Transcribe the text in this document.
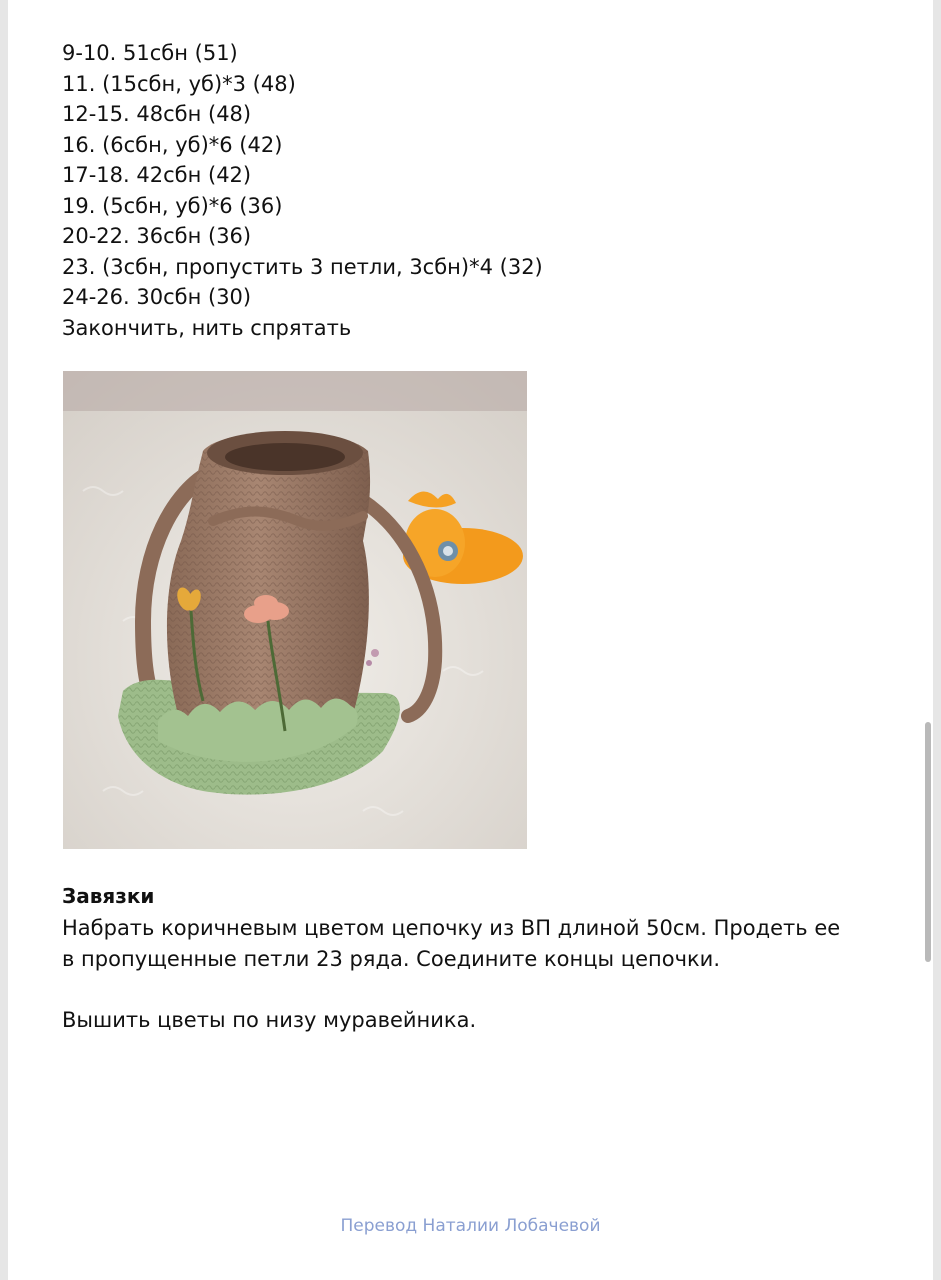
9-10. 51сбн (51)
11. (15сбн, уб)*3 (48)
12-15. 48сбн (48)
16. (6сбн, уб)*6 (42)
17-18. 42сбн (42)
19. (5сбн, уб)*6 (36)
20-22. 36сбн (36)
23. (3сбн, пропустить 3 петли, 3сбн)*4 (32)
24-26. 30сбн (30)
Закончить, нить спрятать
Завязки

Набрать коричневым цветом цепочку из ВП длиной 50см. Продеть ее в пропущенные петли 23 ряда. Соедините концы цепочки.

Вышить цветы по низу муравейника.

Перевод Наталии Лобачевой
